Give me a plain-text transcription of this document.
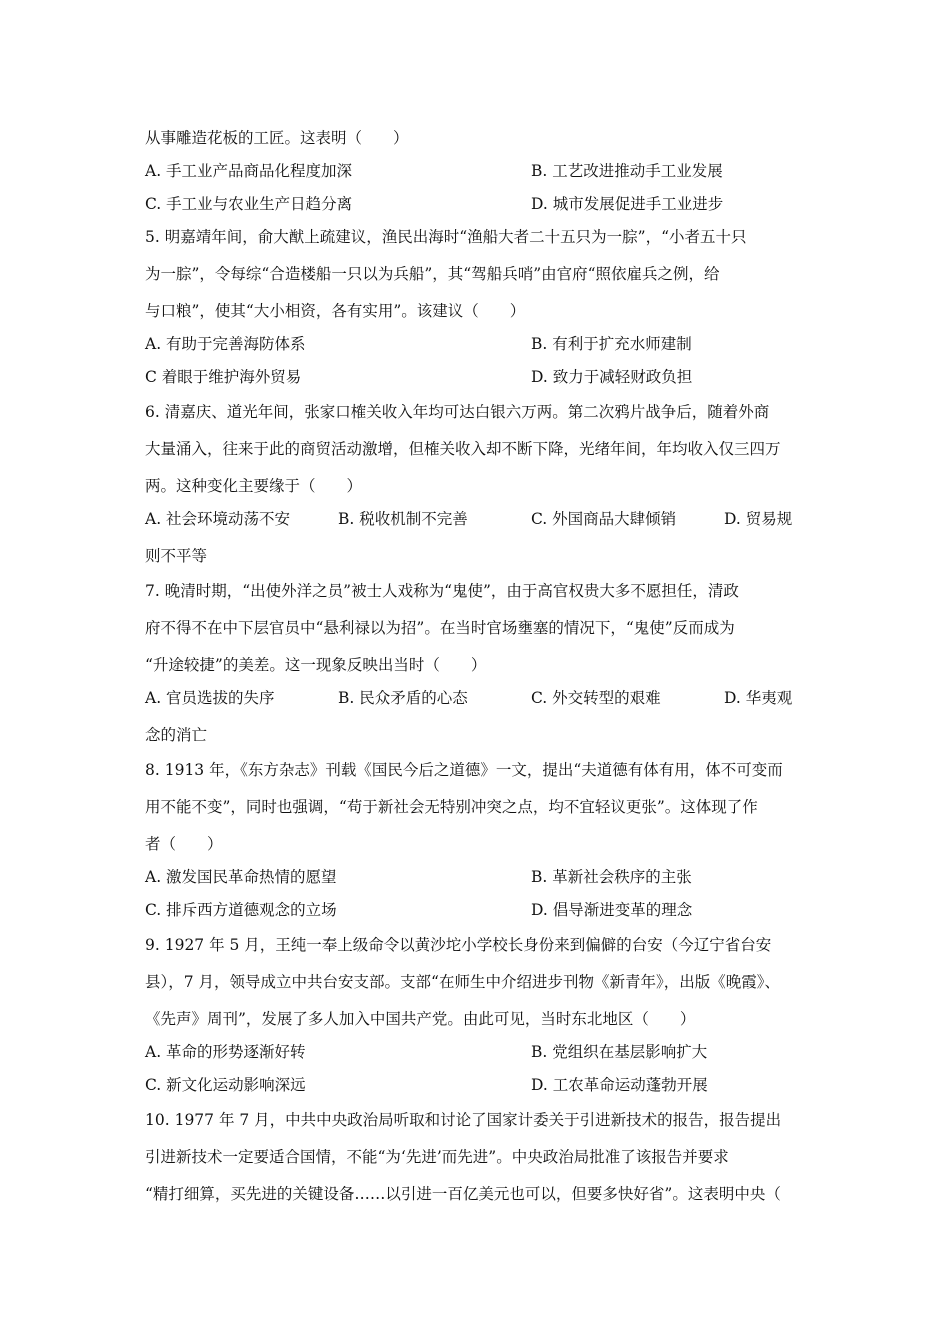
从事雕造花板的工匠。这表明（　　）
A. 手工业产品商品化程度加深	B. 工艺改进推动手工业发展
C. 手工业与农业生产日趋分离	D. 城市发展促进手工业进步
5. 明嘉靖年间，俞大猷上疏建议，渔民出海时“渔船大者二十五只为一腙”，“小者五十只
为一腙”，令每综“合造楼船一只以为兵船”，其“驾船兵哨”由官府“照依雇兵之例，给
与口粮”，使其“大小相资，各有实用”。该建议（　　）
A. 有助于完善海防体系	B. 有利于扩充水师建制
C 着眼于维护海外贸易	D. 致力于减轻财政负担
6. 清嘉庆、道光年间，张家口榷关收入年均可达白银六万两。第二次鸦片战争后，随着外商
大量涌入，往来于此的商贸活动激增，但榷关收入却不断下降，光绪年间，年均收入仅三四万
两。这种变化主要缘于（　　）
A. 社会环境动荡不安	B. 税收机制不完善	C. 外国商品大肆倾销	D. 贸易规
则不平等
7. 晚清时期，“出使外洋之员”被士人戏称为“鬼使”，由于高官权贵大多不愿担任，清政
府不得不在中下层官员中“悬利禄以为招”。在当时官场壅塞的情况下，“鬼使”反而成为
“升途较捷”的美差。这一现象反映出当时（　　）
A. 官员选拔的失序	B. 民众矛盾的心态	C. 外交转型的艰难	D. 华夷观
念的消亡
8. 1913 年，《东方杂志》刊载《国民今后之道德》一文，提出“夫道德有体有用，体不可变而
用不能不变”，同时也强调，“苟于新社会无特别冲突之点，均不宜轻议更张”。这体现了作
者（　　）
A. 激发国民革命热情的愿望	B. 革新社会秩序的主张
C. 排斥西方道德观念的立场	D. 倡导渐进变革的理念
9. 1927 年 5 月，王纯一奉上级命令以黄沙坨小学校长身份来到偏僻的台安（今辽宁省台安
县），7 月，领导成立中共台安支部。支部“在师生中介绍进步刊物《新青年》，出版《晚霞》、
《先声》周刊”，发展了多人加入中国共产党。由此可见，当时东北地区（　　）
A. 革命的形势逐渐好转	B. 党组织在基层影响扩大
C. 新文化运动影响深远	D. 工农革命运动蓬勃开展
10. 1977 年 7 月，中共中央政治局听取和讨论了国家计委关于引进新技术的报告，报告提出
引进新技术一定要适合国情，不能“为‘先进’而先进”。中央政治局批准了该报告并要求
“精打细算，买先进的关键设备……以引进一百亿美元也可以，但要多快好省”。这表明中央（
